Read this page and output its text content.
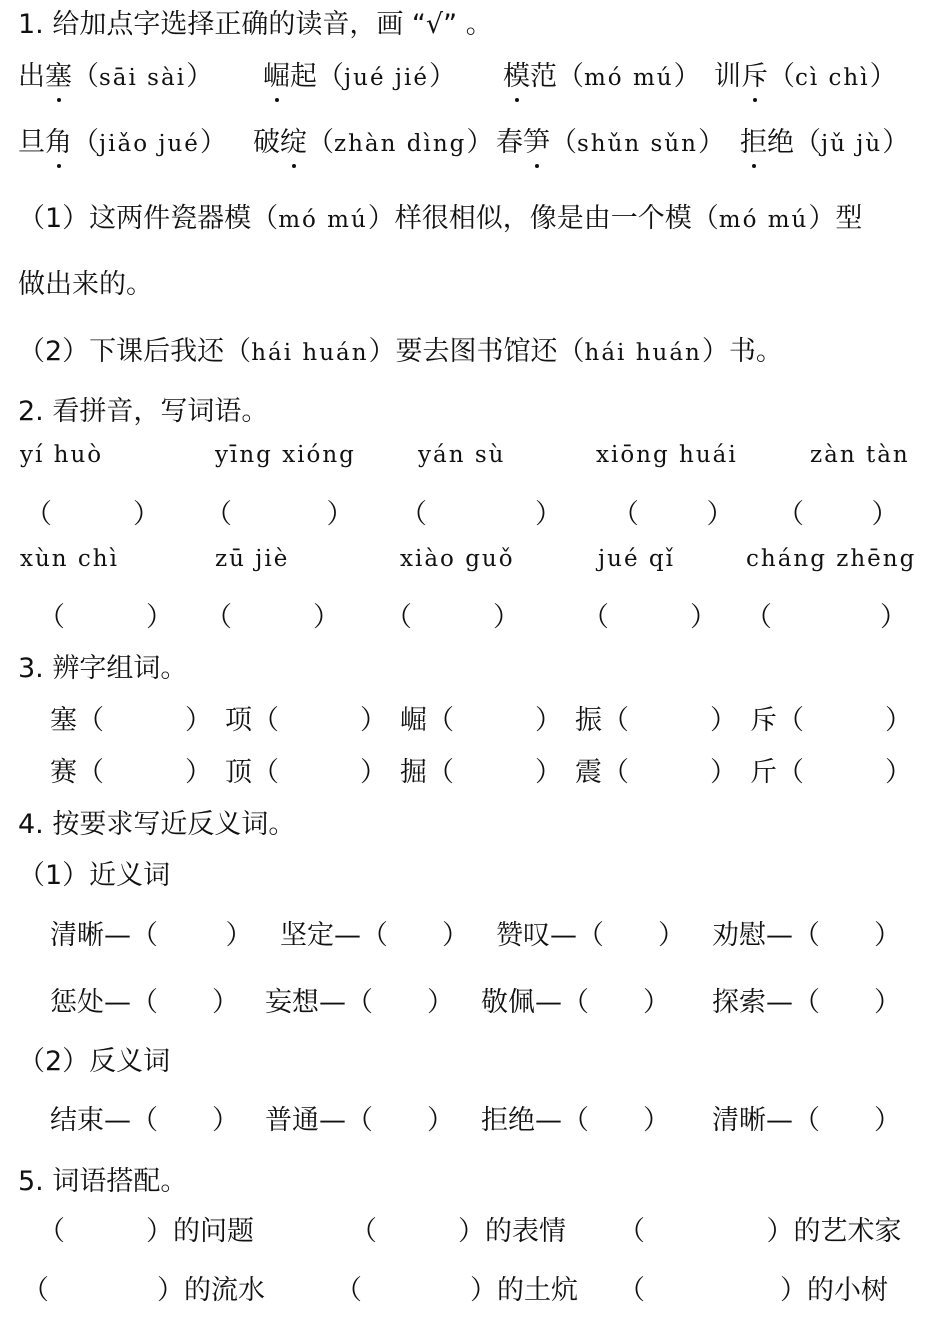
1. 给加点字选择正确的读音，画 “√” 。
出塞（sāi sài） 崛起（jué jié） 模范（mó mú） 训斥（cì chì）
旦角（jiǎo jué） 破绽（zhàn dìng） 春笋（shǔn sǔn） 拒绝（jǔ jù）
（1）这两件瓷器模（mó mú）样很相似，像是由一个模（mó mú）型
做出来的。
（2）下课后我还（hái huán）要去图书馆还（hái huán）书。
2. 看拼音，写词语。
yí huò	yīng xióng	yán sù	xiōng huái	zàn tàn
（   ） （    ） （    ） （   ） （   ）
xùn chì	zū jiè	xiào guǒ	jué qǐ	cháng zhēng
（   ） （   ） （   ） （   ） （    ）
3. 辨字组词。
塞（   ） 项（   ） 崛（   ） 振（   ） 斥（   ）
赛（   ） 顶（   ） 掘（   ） 震（   ） 斤（   ）
4. 按要求写近反义词。
（1）近义词
清晰—（   ） 坚定—（  ） 赞叹—（  ） 劝慰—（  ）
惩处—（  ） 妄想—（  ） 敬佩—（  ） 探索—（  ）
（2）反义词
结束—（  ） 普通—（  ） 拒绝—（  ） 清晰—（  ）
5. 词语搭配。
（   ）的问题	（   ）的表情 （     ）的艺术家
（    ）的流水	（    ）的土炕 （     ）的小树
